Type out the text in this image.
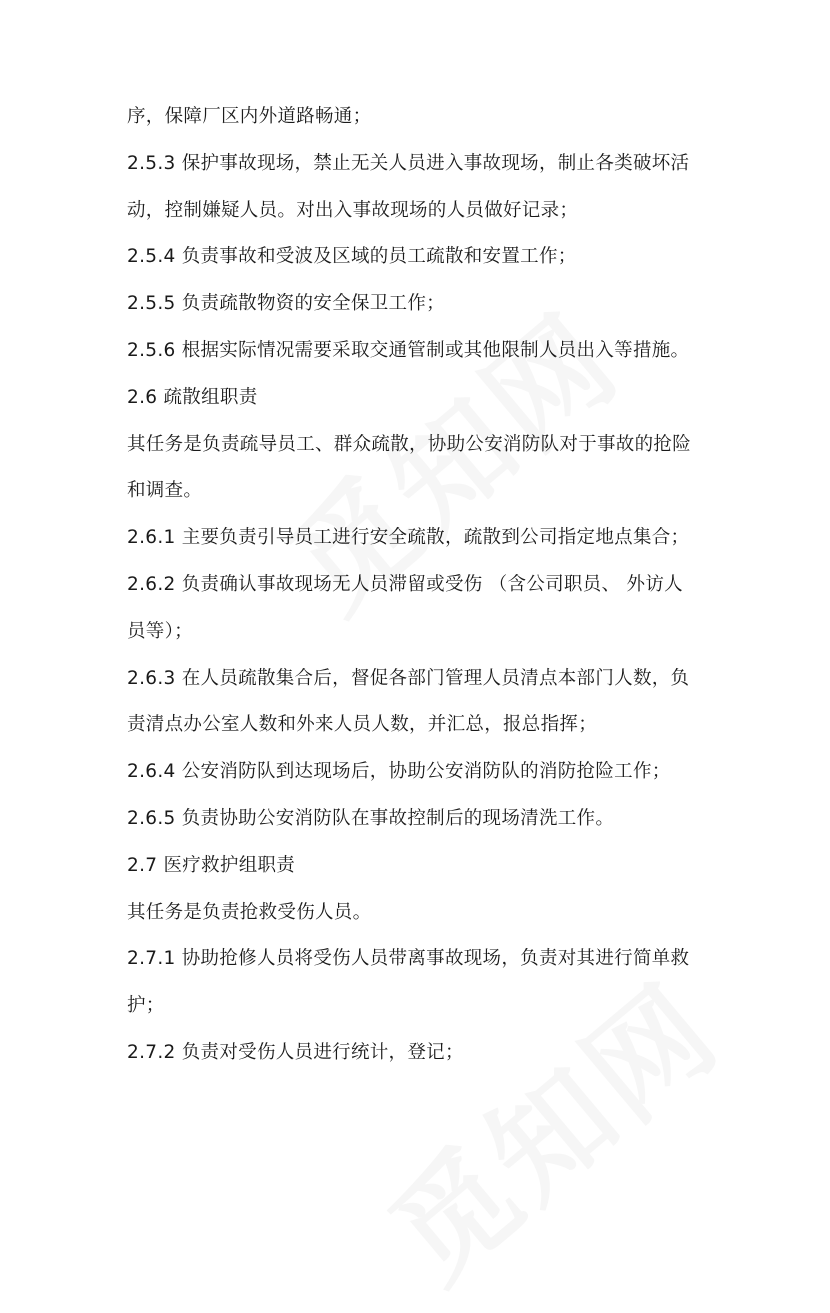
序，保障厂区内外道路畅通；
2.5.3 保护事故现场，禁止无关人员进入事故现场，制止各类破坏活
动，控制嫌疑人员。对出入事故现场的人员做好记录；
2.5.4 负责事故和受波及区域的员工疏散和安置工作；
2.5.5 负责疏散物资的安全保卫工作；
2.5.6 根据实际情况需要采取交通管制或其他限制人员出入等措施。
2.6 疏散组职责
其任务是负责疏导员工、群众疏散，协助公安消防队对于事故的抢险
和调查。
2.6.1 主要负责引导员工进行安全疏散，疏散到公司指定地点集合；
2.6.2 负责确认事故现场无人员滞留或受伤 （含公司职员、 外访人
员等）；
2.6.3 在人员疏散集合后，督促各部门管理人员清点本部门人数，负
责清点办公室人数和外来人员人数，并汇总，报总指挥；
2.6.4 公安消防队到达现场后，协助公安消防队的消防抢险工作；
2.6.5 负责协助公安消防队在事故控制后的现场清洗工作。
2.7 医疗救护组职责
其任务是负责抢救受伤人员。
2.7.1 协助抢修人员将受伤人员带离事故现场，负责对其进行简单救
护；
2.7.2 负责对受伤人员进行统计，登记；
